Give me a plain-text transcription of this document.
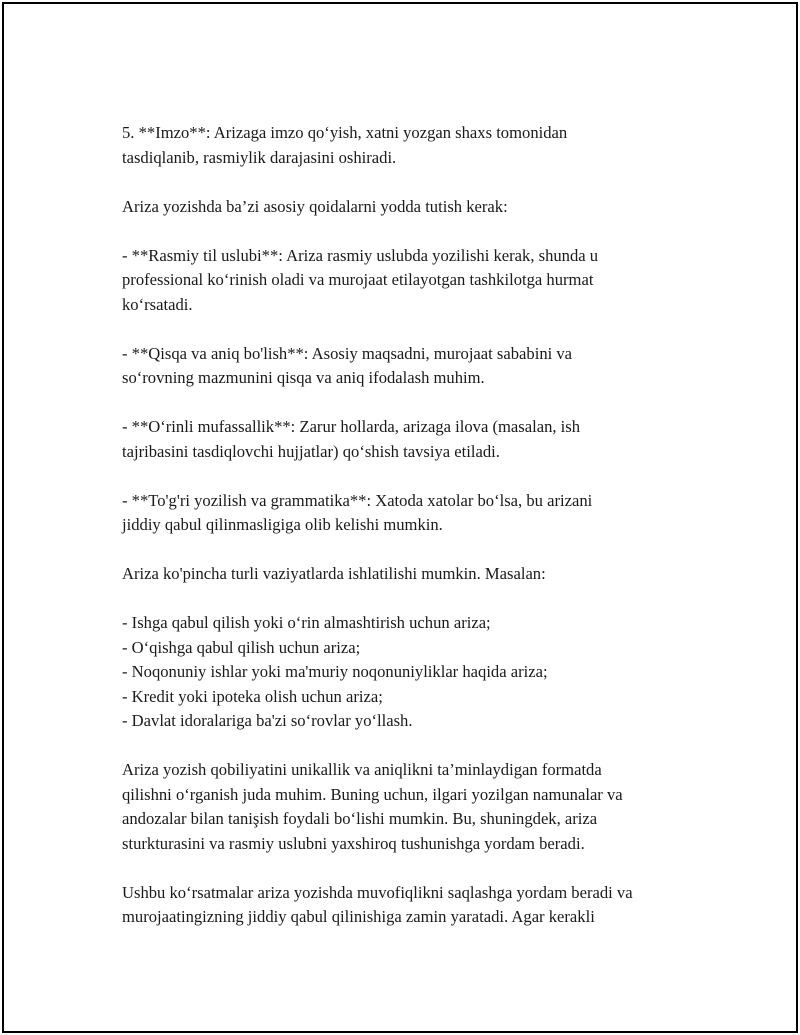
5. **Imzo**: Arizaga imzo qo‘yish, xatni yozgan shaxs tomonidan
tasdiqlanib, rasmiylik darajasini oshiradi.

Ariza yozishda ba’zi asosiy qoidalarni yodda tutish kerak:

- **Rasmiy til uslubi**: Ariza rasmiy uslubda yozilishi kerak, shunda u
professional ko‘rinish oladi va murojaat etilayotgan tashkilotga hurmat
ko‘rsatadi.

- **Qisqa va aniq bo'lish**: Asosiy maqsadni, murojaat sababini va
so‘rovning mazmunini qisqa va aniq ifodalash muhim.

- **O‘rinli mufassallik**: Zarur hollarda, arizaga ilova (masalan, ish
tajribasini tasdiqlovchi hujjatlar) qo‘shish tavsiya etiladi.

- **To'g'ri yozilish va grammatika**: Xatoda xatolar bo‘lsa, bu arizani
jiddiy qabul qilinmasligiga olib kelishi mumkin.

Ariza ko'pincha turli vaziyatlarda ishlatilishi mumkin. Masalan:

- Ishga qabul qilish yoki o‘rin almashtirish uchun ariza;
- O‘qishga qabul qilish uchun ariza;
- Noqonuniy ishlar yoki ma'muriy noqonuniyliklar haqida ariza;
- Kredit yoki ipoteka olish uchun ariza;
- Davlat idoralariga ba'zi so‘rovlar yo‘llash.

Ariza yozish qobiliyatini unikallik va aniqlikni ta’minlaydigan formatda
qilishni o‘rganish juda muhim. Buning uchun, ilgari yozilgan namunalar va
andozalar bilan tanişish foydali bo‘lishi mumkin. Bu, shuningdek, ariza
sturkturasini va rasmiy uslubni yaxshiroq tushunishga yordam beradi.

Ushbu ko‘rsatmalar ariza yozishda muvofiqlikni saqlashga yordam beradi va
murojaatingizning jiddiy qabul qilinishiga zamin yaratadi. Agar kerakli
